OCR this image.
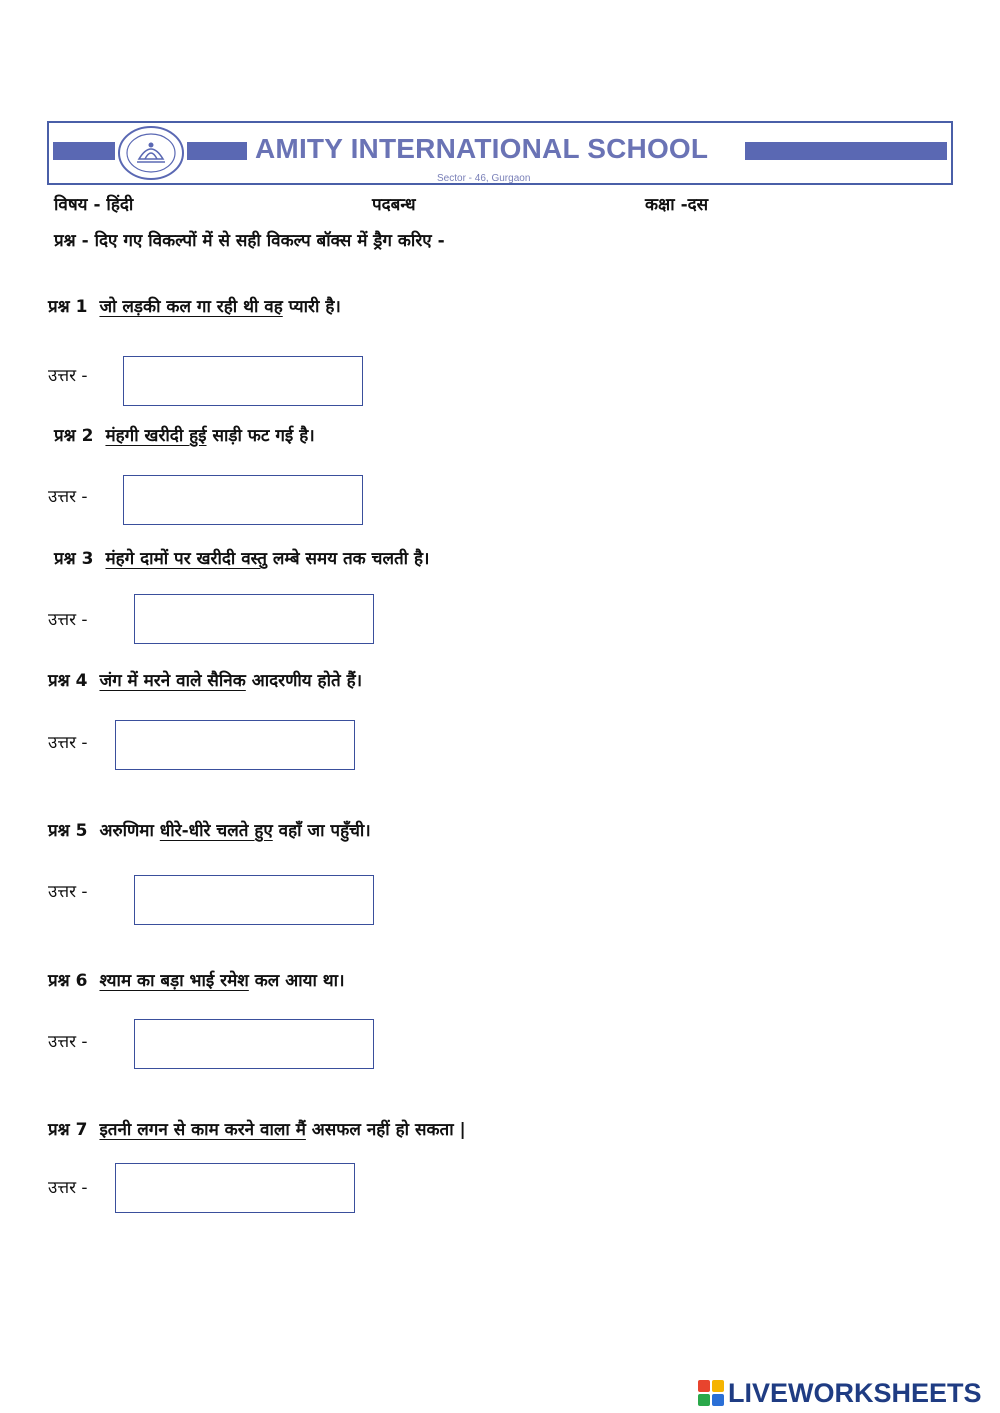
AMITY INTERNATIONAL SCHOOL
Sector - 46, Gurgaon
विषय - हिंदी	पदबन्ध	कक्षा -दस
प्रश्न - दिए गए विकल्पों में से सही विकल्प बॉक्स में ड्रैग करिए -
प्रश्न 1 जो लड़की कल गा रही थी वह प्यारी है।
उत्तर -
प्रश्न 2 मंहगी खरीदी हुई साड़ी फट गई है।
उत्तर -
प्रश्न 3 मंहगे दामों पर खरीदी वस्तु लम्बे समय तक चलती है।
उत्तर -
प्रश्न 4 जंग में मरने वाले सैनिक आदरणीय होते हैं।
उत्तर -
प्रश्न 5 अरुणिमा धीरे-धीरे चलते हुए वहाँ जा पहुँची।
उत्तर -
प्रश्न 6 श्याम का बड़ा भाई रमेश कल आया था।
उत्तर -
प्रश्न 7 इतनी लगन से काम करने वाला मैं असफल नहीं हो सकता |
उत्तर -
LIVEWORKSHEETS
